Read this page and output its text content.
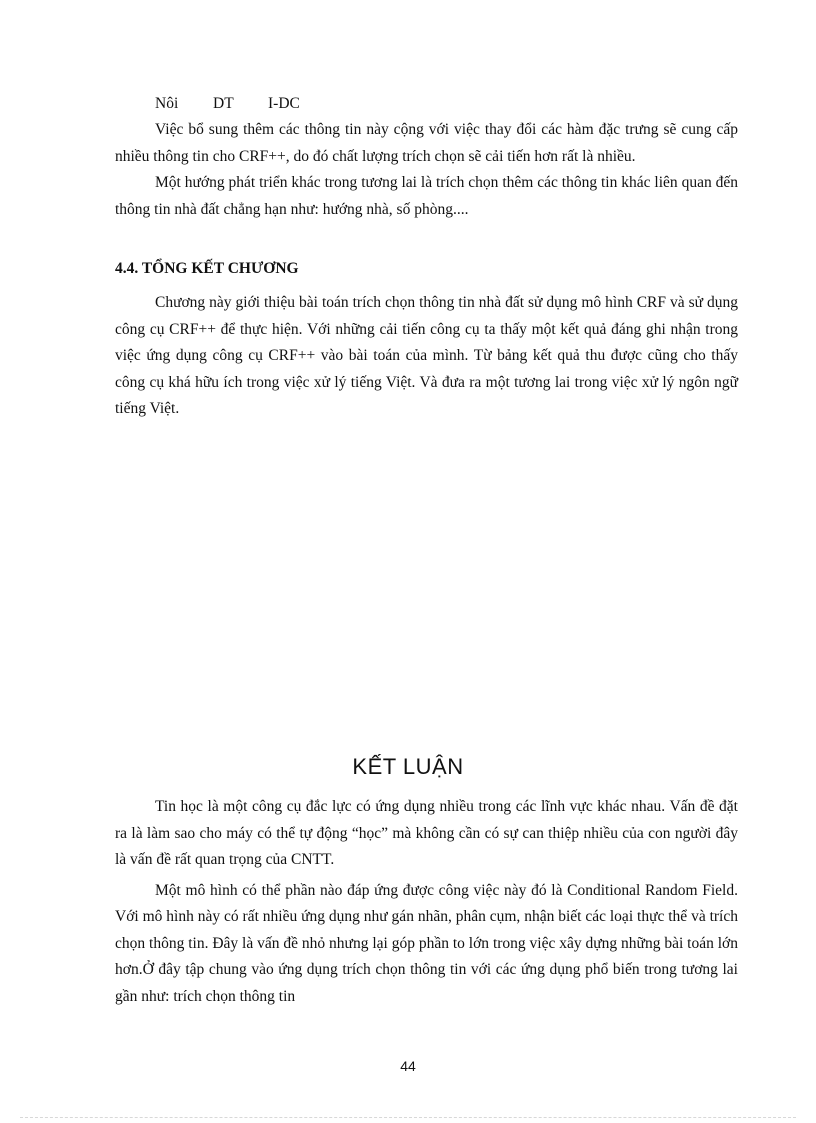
Nôi DT I-DC

Việc bổ sung thêm các thông tin này cộng với việc thay đổi các hàm đặc trưng sẽ cung cấp nhiều thông tin cho CRF++, do đó chất lượng trích chọn sẽ cải tiến hơn rất là nhiều.

Một hướng phát triển khác trong tương lai là trích chọn thêm các thông tin khác liên quan đến thông tin nhà đất chẳng hạn như: hướng nhà, số phòng....

4.4. TỔNG KẾT CHƯƠNG

Chương này giới thiệu bài toán trích chọn thông tin nhà đất sử dụng mô hình CRF và sử dụng công cụ CRF++ để thực hiện. Với những cải tiến công cụ ta thấy một kết quả đáng ghi nhận trong việc ứng dụng công cụ CRF++ vào bài toán của mình. Từ bảng kết quả thu được cũng cho thấy công cụ khá hữu ích trong việc xử lý tiếng Việt. Và đưa ra một tương lai trong việc xử lý ngôn ngữ tiếng Việt.

KẾT LUẬN

Tin học là một công cụ đắc lực có ứng dụng nhiều trong các lĩnh vực khác nhau. Vấn đề đặt ra là làm sao cho máy có thể tự động “học” mà không cần có sự can thiệp nhiều của con người đây là vấn đề rất quan trọng của CNTT.

Một mô hình có thể phần nào đáp ứng được công việc này đó là Conditional Random Field. Với mô hình này có rất nhiều ứng dụng như gán nhãn, phân cụm, nhận biết các loại thực thể và trích chọn thông tin. Đây là vấn đề nhỏ nhưng lại góp phần to lớn trong việc xây dựng những bài toán lớn hơn.Ở đây tập chung vào ứng dụng trích chọn thông tin với các ứng dụng phổ biến trong tương lai gần như: trích chọn thông tin

44
